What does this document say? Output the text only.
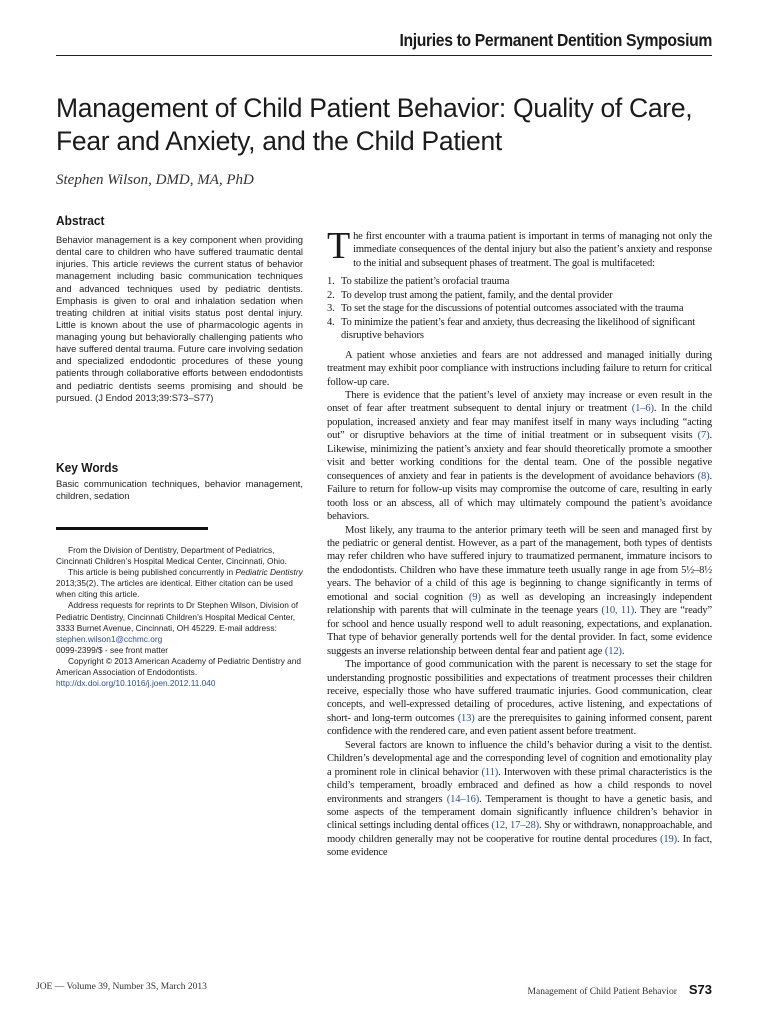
Injuries to Permanent Dentition Symposium
Management of Child Patient Behavior: Quality of Care, Fear and Anxiety, and the Child Patient
Stephen Wilson, DMD, MA, PhD
Abstract
Behavior management is a key component when providing dental care to children who have suffered traumatic dental injuries. This article reviews the current status of behavior management including basic communication techniques and advanced techniques used by pediatric dentists. Emphasis is given to oral and inhalation sedation when treating children at initial visits status post dental injury. Little is known about the use of pharmacologic agents in managing young but behaviorally challenging patients who have suffered dental trauma. Future care involving sedation and specialized endodontic procedures of these young patients through collaborative efforts between endodontists and pediatric dentists seems promising and should be pursued. (J Endod 2013;39:S73–S77)
Key Words
Basic communication techniques, behavior management, children, sedation

From the Division of Dentistry, Department of Pediatrics, Cincinnati Children’s Hospital Medical Center, Cincinnati, Ohio.

This article is being published concurrently in Pediatric Dentistry 2013;35(2). The articles are identical. Either citation can be used when citing this article.

Address requests for reprints to Dr Stephen Wilson, Division of Pediatric Dentistry, Cincinnati Children’s Hospital Medical Center, 3333 Burnet Avenue, Cincinnati, OH 45229. E-mail address: stephen.wilson1@cchmc.org

0099-2399/$ - see front matter

Copyright © 2013 American Academy of Pediatric Dentistry and American Association of Endodontists.

http://dx.doi.org/10.1016/j.joen.2012.11.040

The first encounter with a trauma patient is important in terms of managing not only the immediate consequences of the dental injury but also the patient’s anxiety and response to the initial and subsequent phases of treatment. The goal is multifaceted:

1. To stabilize the patient’s orofacial trauma
2. To develop trust among the patient, family, and the dental provider
3. To set the stage for the discussions of potential outcomes associated with the trauma
4. To minimize the patient’s fear and anxiety, thus decreasing the likelihood of significant disruptive behaviors

A patient whose anxieties and fears are not addressed and managed initially during treatment may exhibit poor compliance with instructions including failure to return for critical follow-up care.

There is evidence that the patient’s level of anxiety may increase or even result in the onset of fear after treatment subsequent to dental injury or treatment (1–6). In the child population, increased anxiety and fear may manifest itself in many ways including “acting out” or disruptive behaviors at the time of initial treatment or in subsequent visits (7). Likewise, minimizing the patient’s anxiety and fear should theoretically promote a smoother visit and better working conditions for the dental team. One of the possible negative consequences of anxiety and fear in patients is the development of avoidance behaviors (8). Failure to return for follow-up visits may compromise the outcome of care, resulting in early tooth loss or an abscess, all of which may ultimately compound the patient’s avoidance behaviors.

Most likely, any trauma to the anterior primary teeth will be seen and managed first by the pediatric or general dentist. However, as a part of the management, both types of dentists may refer children who have suffered injury to traumatized permanent, immature incisors to the endodontists. Children who have these immature teeth usually range in age from 5½–8½ years. The behavior of a child of this age is beginning to change significantly in terms of emotional and social cognition (9) as well as developing an increasingly independent relationship with parents that will culminate in the teenage years (10, 11). They are “ready” for school and hence usually respond well to adult reasoning, expectations, and explanation. That type of behavior generally portends well for the dental provider. In fact, some evidence suggests an inverse relationship between dental fear and patient age (12).

The importance of good communication with the parent is necessary to set the stage for understanding prognostic possibilities and expectations of treatment processes their children receive, especially those who have suffered traumatic injuries. Good communication, clear concepts, and well-expressed detailing of procedures, active listening, and expectations of short- and long-term outcomes (13) are the prerequisites to gaining informed consent, parent confidence with the rendered care, and even patient assent before treatment.

Several factors are known to influence the child’s behavior during a visit to the dentist. Children’s developmental age and the corresponding level of cognition and emotionality play a prominent role in clinical behavior (11). Interwoven with these primal characteristics is the child’s temperament, broadly embraced and defined as how a child responds to novel environments and strangers (14–16). Temperament is thought to have a genetic basis, and some aspects of the temperament domain significantly influence children’s behavior in clinical settings including dental offices (12, 17–28). Shy or withdrawn, nonapproachable, and moody children generally may not be cooperative for routine dental procedures (19). In fact, some evidence

JOE — Volume 39, Number 3S, March 2013	Management of Child Patient Behavior S73
